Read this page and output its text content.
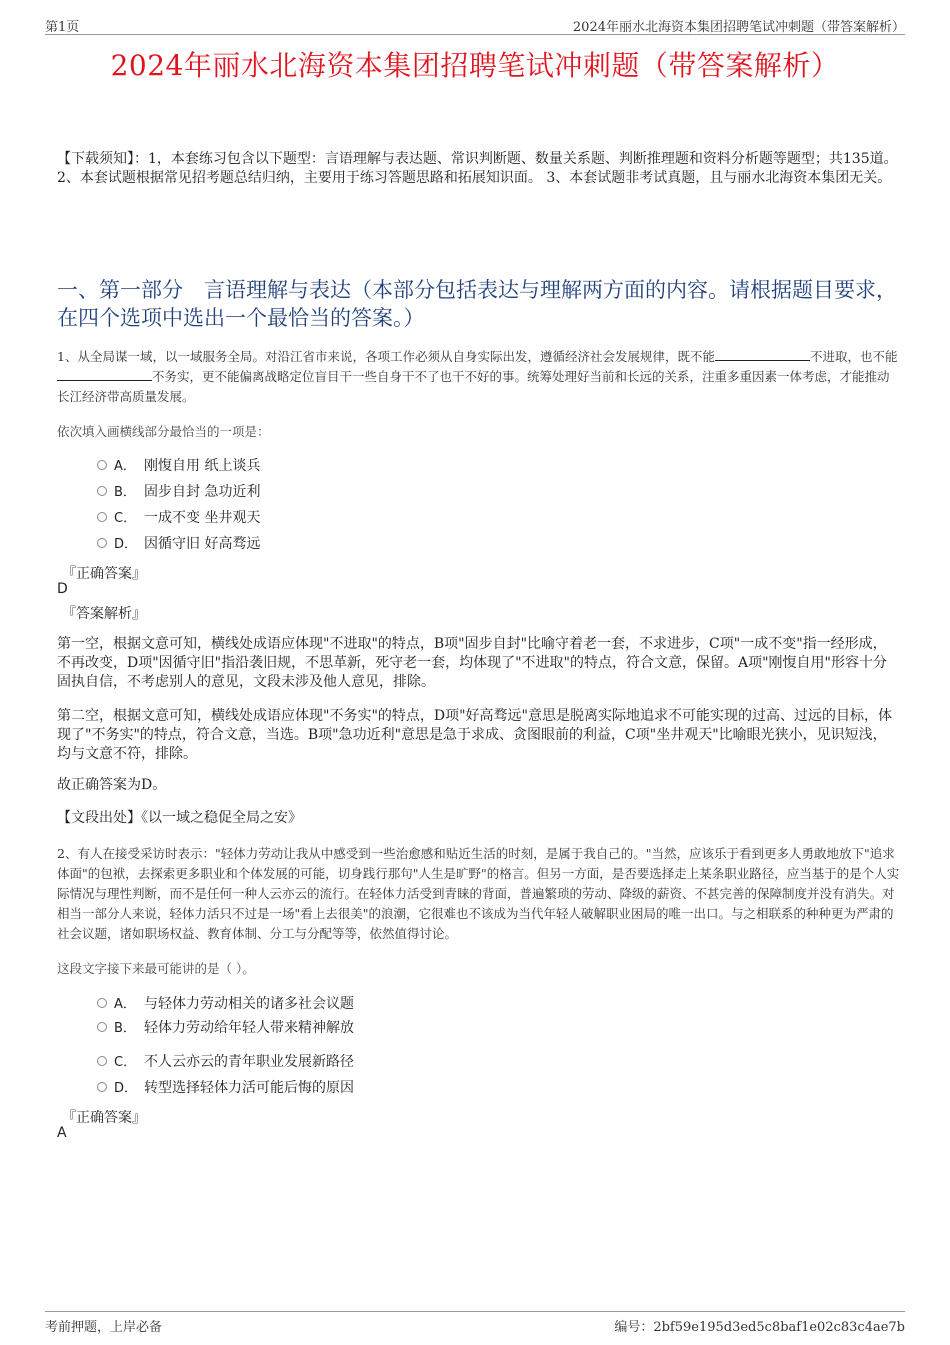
第1页	2024年丽水北海资本集团招聘笔试冲刺题（带答案解析）
2024年丽水北海资本集团招聘笔试冲刺题（带答案解析）
【下载须知】：1，本套练习包含以下题型：言语理解与表达题、常识判断题、数量关系题、判断推理题和资料分析题等题型；共135道。 2、本套试题根据常见招考题总结归纳，主要用于练习答题思路和拓展知识面。 3、本套试题非考试真题，且与丽水北海资本集团无关。
一、第一部分　言语理解与表达（本部分包括表达与理解两方面的内容。请根据题目要求，在四个选项中选出一个最恰当的答案。）
1、从全局谋一域，以一域服务全局。对沿江省市来说，各项工作必须从自身实际出发，遵循经济社会发展规律，既不能	不进取，也不能不务实，更不能偏离战略定位盲目干一些自身干不了也干不好的事。统筹处理好当前和长远的关系，注重多重因素一体考虑，才能推动长江经济带高质量发展。
依次填入画横线部分最恰当的一项是：
A． 刚愎自用 纸上谈兵
B． 固步自封 急功近利
C． 一成不变 坐井观天
D． 因循守旧 好高骛远
『正确答案』
D
『答案解析』
第一空，根据文意可知，横线处成语应体现"不进取"的特点，B项"固步自封"比喻守着老一套，不求进步，C项"一成不变"指一经形成，不再改变，D项"因循守旧"指沿袭旧规，不思革新，死守老一套，均体现了"不进取"的特点，符合文意，保留。A项"刚愎自用"形容十分固执自信，不考虑别人的意见，文段未涉及他人意见，排除。
第二空，根据文意可知，横线处成语应体现"不务实"的特点，D项"好高骛远"意思是脱离实际地追求不可能实现的过高、过远的目标，体现了"不务实"的特点，符合文意，当选。B项"急功近利"意思是急于求成、贪图眼前的利益，C项"坐井观天"比喻眼光狭小，见识短浅，均与文意不符，排除。
故正确答案为D。
【文段出处】《以一域之稳促全局之安》
2、有人在接受采访时表示："轻体力劳动让我从中感受到一些治愈感和贴近生活的时刻，是属于我自己的。"当然，应该乐于看到更多人勇敢地放下"追求体面"的包袱，去探索更多职业和个体发展的可能，切身践行那句"人生是旷野"的格言。但另一方面，是否要选择走上某条职业路径，应当基于的是个人实际情况与理性判断，而不是任何一种人云亦云的流行。在轻体力活受到青睐的背面，普遍繁琐的劳动、降级的薪资、不甚完善的保障制度并没有消失。对相当一部分人来说，轻体力活只不过是一场"看上去很美"的浪潮，它很难也不该成为当代年轻人破解职业困局的唯一出口。与之相联系的种种更为严肃的社会议题，诸如职场权益、教育体制、分工与分配等等，依然值得讨论。
这段文字接下来最可能讲的是（ ）。
A． 与轻体力劳动相关的诸多社会议题
B． 轻体力劳动给年轻人带来精神解放
C． 不人云亦云的青年职业发展新路径
D． 转型选择轻体力活可能后悔的原因
『正确答案』
A
考前押题，上岸必备	编号：2bf59e195d3ed5c8baf1e02c83c4ae7b
